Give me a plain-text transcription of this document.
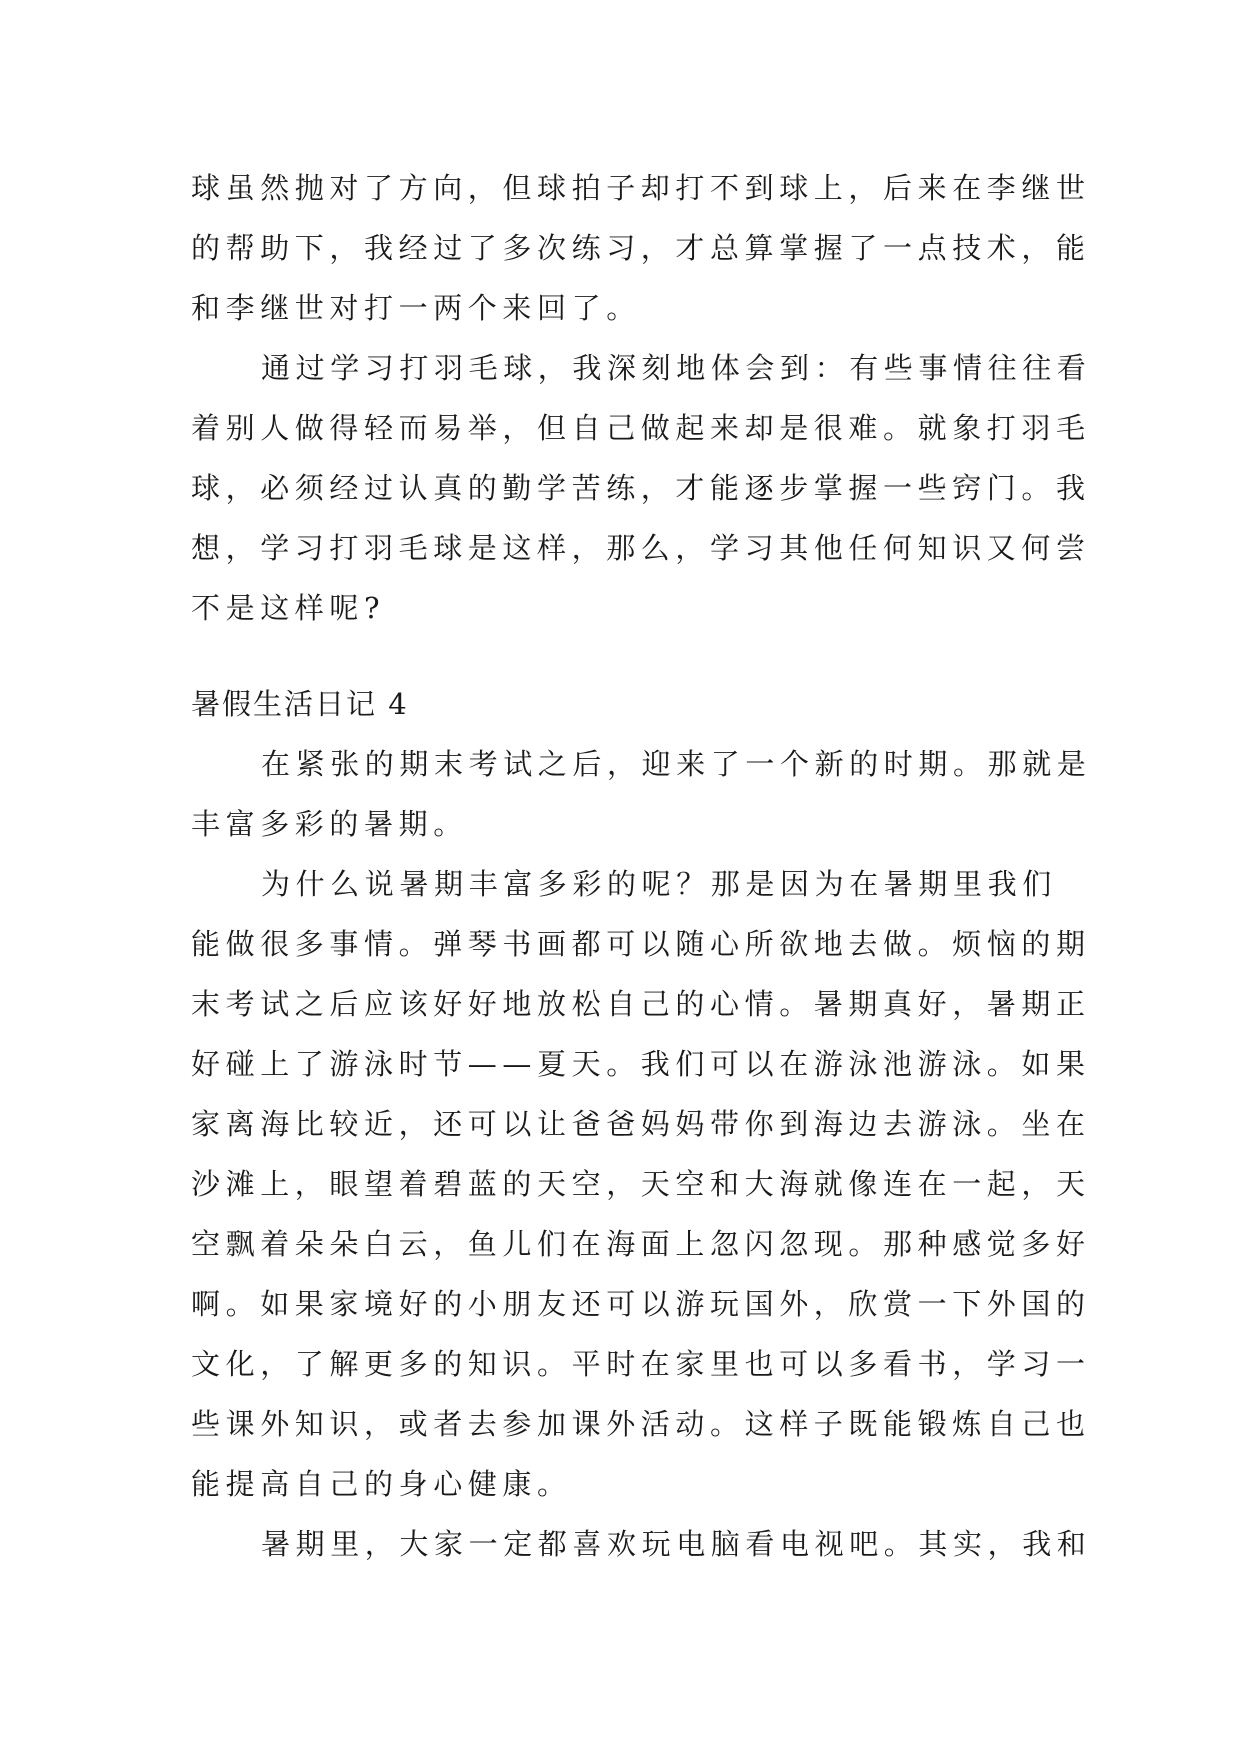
球虽然抛对了方向，但球拍子却打不到球上，后来在李继世

的帮助下，我经过了多次练习，才总算掌握了一点技术，能

和李继世对打一两个来回了。

通过学习打羽毛球，我深刻地体会到：有些事情往往看

着别人做得轻而易举，但自己做起来却是很难。就象打羽毛

球，必须经过认真的勤学苦练，才能逐步掌握一些窍门。我

想，学习打羽毛球是这样，那么，学习其他任何知识又何尝

不是这样呢?

暑假生活日记 4

在紧张的期末考试之后，迎来了一个新的时期。那就是

丰富多彩的暑期。

为什么说暑期丰富多彩的呢？那是因为在暑期里我们

能做很多事情。弹琴书画都可以随心所欲地去做。烦恼的期

末考试之后应该好好地放松自己的心情。暑期真好，暑期正

好碰上了游泳时节——夏天。我们可以在游泳池游泳。如果

家离海比较近，还可以让爸爸妈妈带你到海边去游泳。坐在

沙滩上，眼望着碧蓝的天空，天空和大海就像连在一起，天

空飘着朵朵白云，鱼儿们在海面上忽闪忽现。那种感觉多好

啊。如果家境好的小朋友还可以游玩国外，欣赏一下外国的

文化，了解更多的知识。平时在家里也可以多看书，学习一

些课外知识，或者去参加课外活动。这样子既能锻炼自己也

能提高自己的身心健康。

暑期里，大家一定都喜欢玩电脑看电视吧。其实，我和
